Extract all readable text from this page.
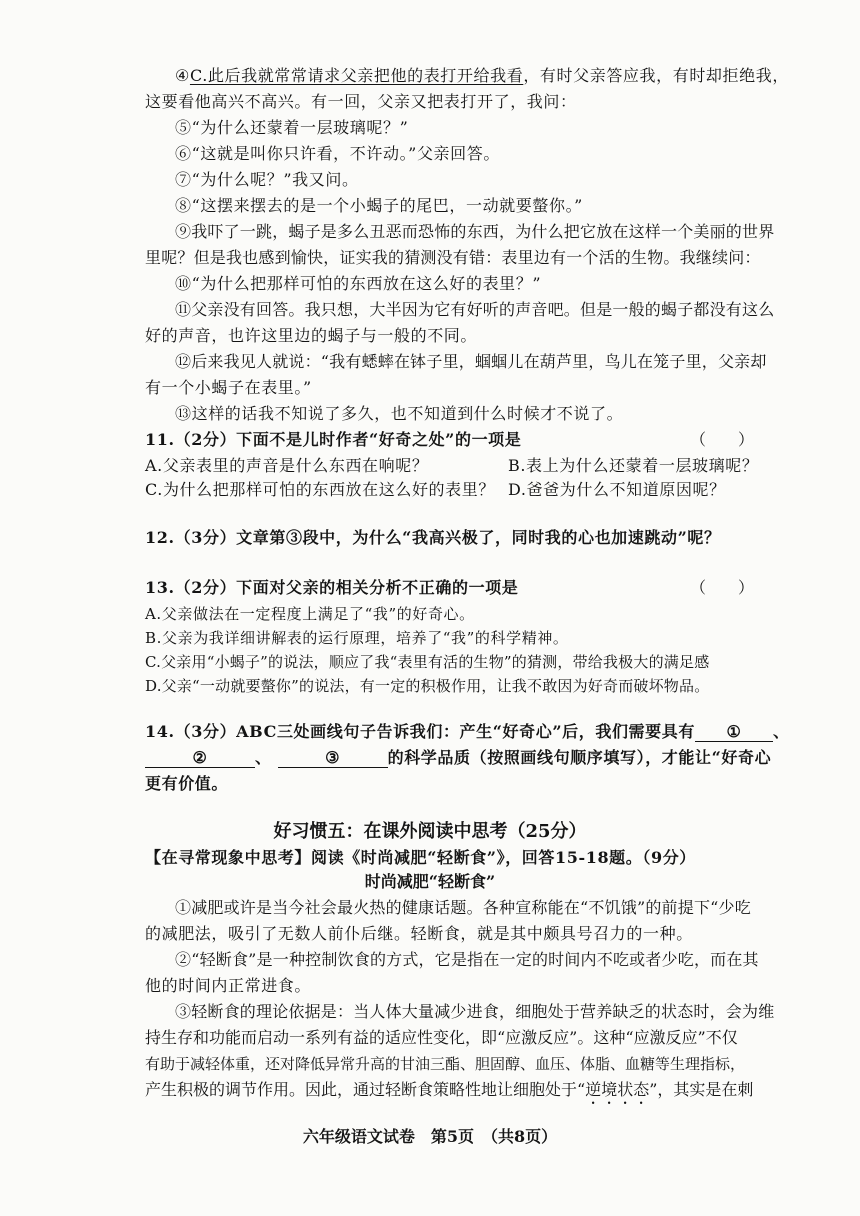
④C.此后我就常常请求父亲把他的表打开给我看，有时父亲答应我，有时却拒绝我，
这要看他高兴不高兴。有一回，父亲又把表打开了，我问：
⑤“为什么还蒙着一层玻璃呢？”
⑥“这就是叫你只许看，不许动。”父亲回答。
⑦“为什么呢？”我又问。
⑧“这摆来摆去的是一个小蝎子的尾巴，一动就要螫你。”
⑨我吓了一跳，蝎子是多么丑恶而恐怖的东西，为什么把它放在这样一个美丽的世界
里呢？但是我也感到愉快，证实我的猜测没有错：表里边有一个活的生物。我继续问：
⑩“为什么把那样可怕的东西放在这么好的表里？”
⑪父亲没有回答。我只想，大半因为它有好听的声音吧。但是一般的蝎子都没有这么
好的声音，也许这里边的蝎子与一般的不同。
⑫后来我见人就说：“我有蟋蟀在钵子里，蝈蝈儿在葫芦里，鸟儿在笼子里，父亲却
有一个小蝎子在表里。”
⑬这样的话我不知说了多久，也不知道到什么时候才不说了。
11.（2分）下面不是儿时作者“好奇之处”的一项是	（　　）
A.父亲表里的声音是什么东西在响呢？	B.表上为什么还蒙着一层玻璃呢？
C.为什么把那样可怕的东西放在这么好的表里？ D.爸爸为什么不知道原因呢？
12.（3分）文章第③段中，为什么“我高兴极了，同时我的心也加速跳动”呢？
13.（2分）下面对父亲的相关分析不正确的一项是	（　　）
A.父亲做法在一定程度上满足了“我”的好奇心。
B.父亲为我详细讲解表的运行原理，培养了“我”的科学精神。
C.父亲用“小蝎子”的说法，顺应了我“表里有活的生物”的猜测，带给我极大的满足感
D.父亲“一动就要螫你”的说法，有一定的积极作用，让我不敢因为好奇而破坏物品。
14.（3分）ABC三处画线句子告诉我们：产生“好奇心”后，我们需要具有 ① 、
②	、	③	的科学品质（按照画线句顺序填写），才能让“好奇心
更有价值。
好习惯五：在课外阅读中思考（25分）
【在寻常现象中思考】阅读《时尚减肥“轻断食”》，回答15-18题。（9分）
时尚减肥“轻断食”
①减肥或许是当今社会最火热的健康话题。各种宣称能在“不饥饿”的前提下“少吃
的减肥法，吸引了无数人前仆后继。轻断食，就是其中颇具号召力的一种。
②“轻断食”是一种控制饮食的方式，它是指在一定的时间内不吃或者少吃，而在其
他的时间内正常进食。
③轻断食的理论依据是：当人体大量减少进食，细胞处于营养缺乏的状态时，会为维
持生存和功能而启动一系列有益的适应性变化，即“应激反应”。这种“应激反应”不仅
有助于减轻体重，还对降低异常升高的甘油三酯、胆固醇、血压、体脂、血糖等生理指标，
产生积极的调节作用。因此，通过轻断食策略性地让细胞处于“逆境状态”，其实是在刺
六年级语文试卷　第5页　（共8页）
